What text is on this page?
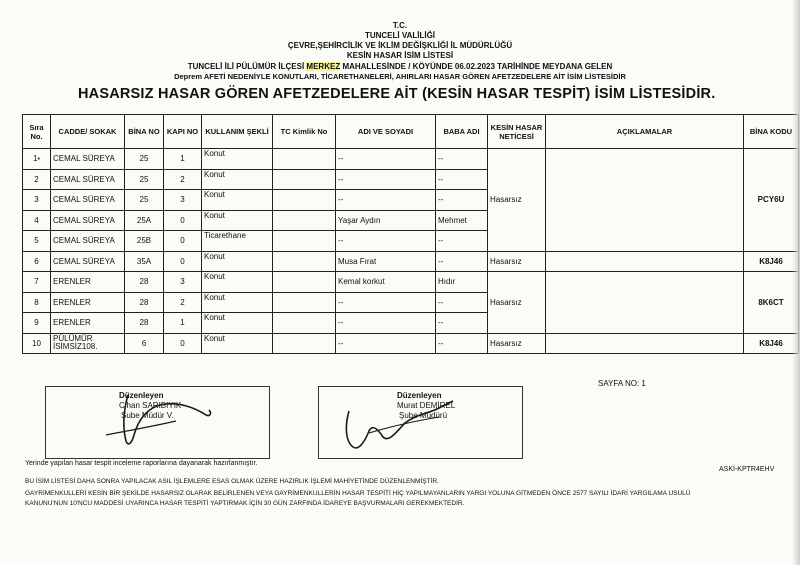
T.C.
TUNCELİ VALİLİĞİ
ÇEVRE,ŞEHİRCİLİK VE İKLİM DEĞİŞKLİĞİ İL MÜDÜRLÜĞÜ
KESİN HASAR İSİM LİSTESİ
TUNCELİ İLİ PÜLÜMÜR İLÇESİ MERKEZ MAHALLESİNDE / KÖYÜNDE 06.02.2023 TARİHİNDE MEYDANA GELEN
Deprem AFETİ NEDENİYLE KONUTLARI, TİCARETHANELERİ, AHIRLARI HASAR GÖREN AFETZEDELERE AİT İSİM LİSTESİDİR
HASARSIZ HASAR GÖREN AFETZEDELERE AİT (KESİN HASAR TESPİT) İSİM LİSTESİDİR.
Sıra No.	CADDE/ SOKAK	BİNA NO	KAPI NO	KULLANIM ŞEKLİ	TC Kimlik No	ADI VE SOYADI	BABA ADI	KESİN HASAR NETİCESİ	AÇIKLAMALAR	BİNA KODU
1•	CEMAL SÜREYA	25	1	Konut		--	--	Hasarsız		PCY6U
2	CEMAL SÜREYA	25	2	Konut		--	--			
3	CEMAL SÜREYA	25	3	Konut		--	--			
4	CEMAL SÜREYA	25A	0	Konut		Yaşar Aydın	Mehmet			
5	CEMAL SÜREYA	25B	0	Ticarethane		--	--			
6	CEMAL SÜREYA	35A	0	Konut		Musa Fırat	--	Hasarsız		K8J46
7	ERENLER	28	3	Konut		Kemal korkut	Hıdır	Hasarsız		8K6CT
8	ERENLER	28	2	Konut		--	--			
9	ERENLER	28	1	Konut		--	--			
10	PÜLÜMÜR İSİMSİZ108.	6	0	Konut		--	--	Hasarsız		K8J46
SAYFA NO: 1
Düzenleyen
Cihan SARIBIYIK
Şube Müdür V.
Düzenleyen
Murat DEMİREL
Şube Müdürü
Yerinde yapılan hasar tespit inceleme raporlarına dayanarak hazırlanmıştır.
ASKİ-KPTR4EHV
BU İSİM LİSTESİ DAHA SONRA YAPILACAK ASIL İŞLEMLERE ESAS OLMAK ÜZERE HAZIRLIK İŞLEMİ MAHİYETİNDE DÜZENLENMİŞTİR.
GAYRİMENKULLERİ KESİN BİR ŞEKİLDE HASARSIZ OLARAK BELİRLENEN VEYA GAYRİMENKULLERİN HASAR TESPİTİ HİÇ YAPILMAYANLARIN YARGI YOLUNA GİTMEDEN ÖNCE 2577 SAYILI İDARİ YARGILAMA USULÜ
KANUNU'NUN 10'NCU MADDESİ UYARINCA HASAR TESPİTİ YAPTIRMAK İÇİN 30 GÜN ZARFINDA İDAREYE BAŞVURMALARI GEREKMEKTEDİR.
